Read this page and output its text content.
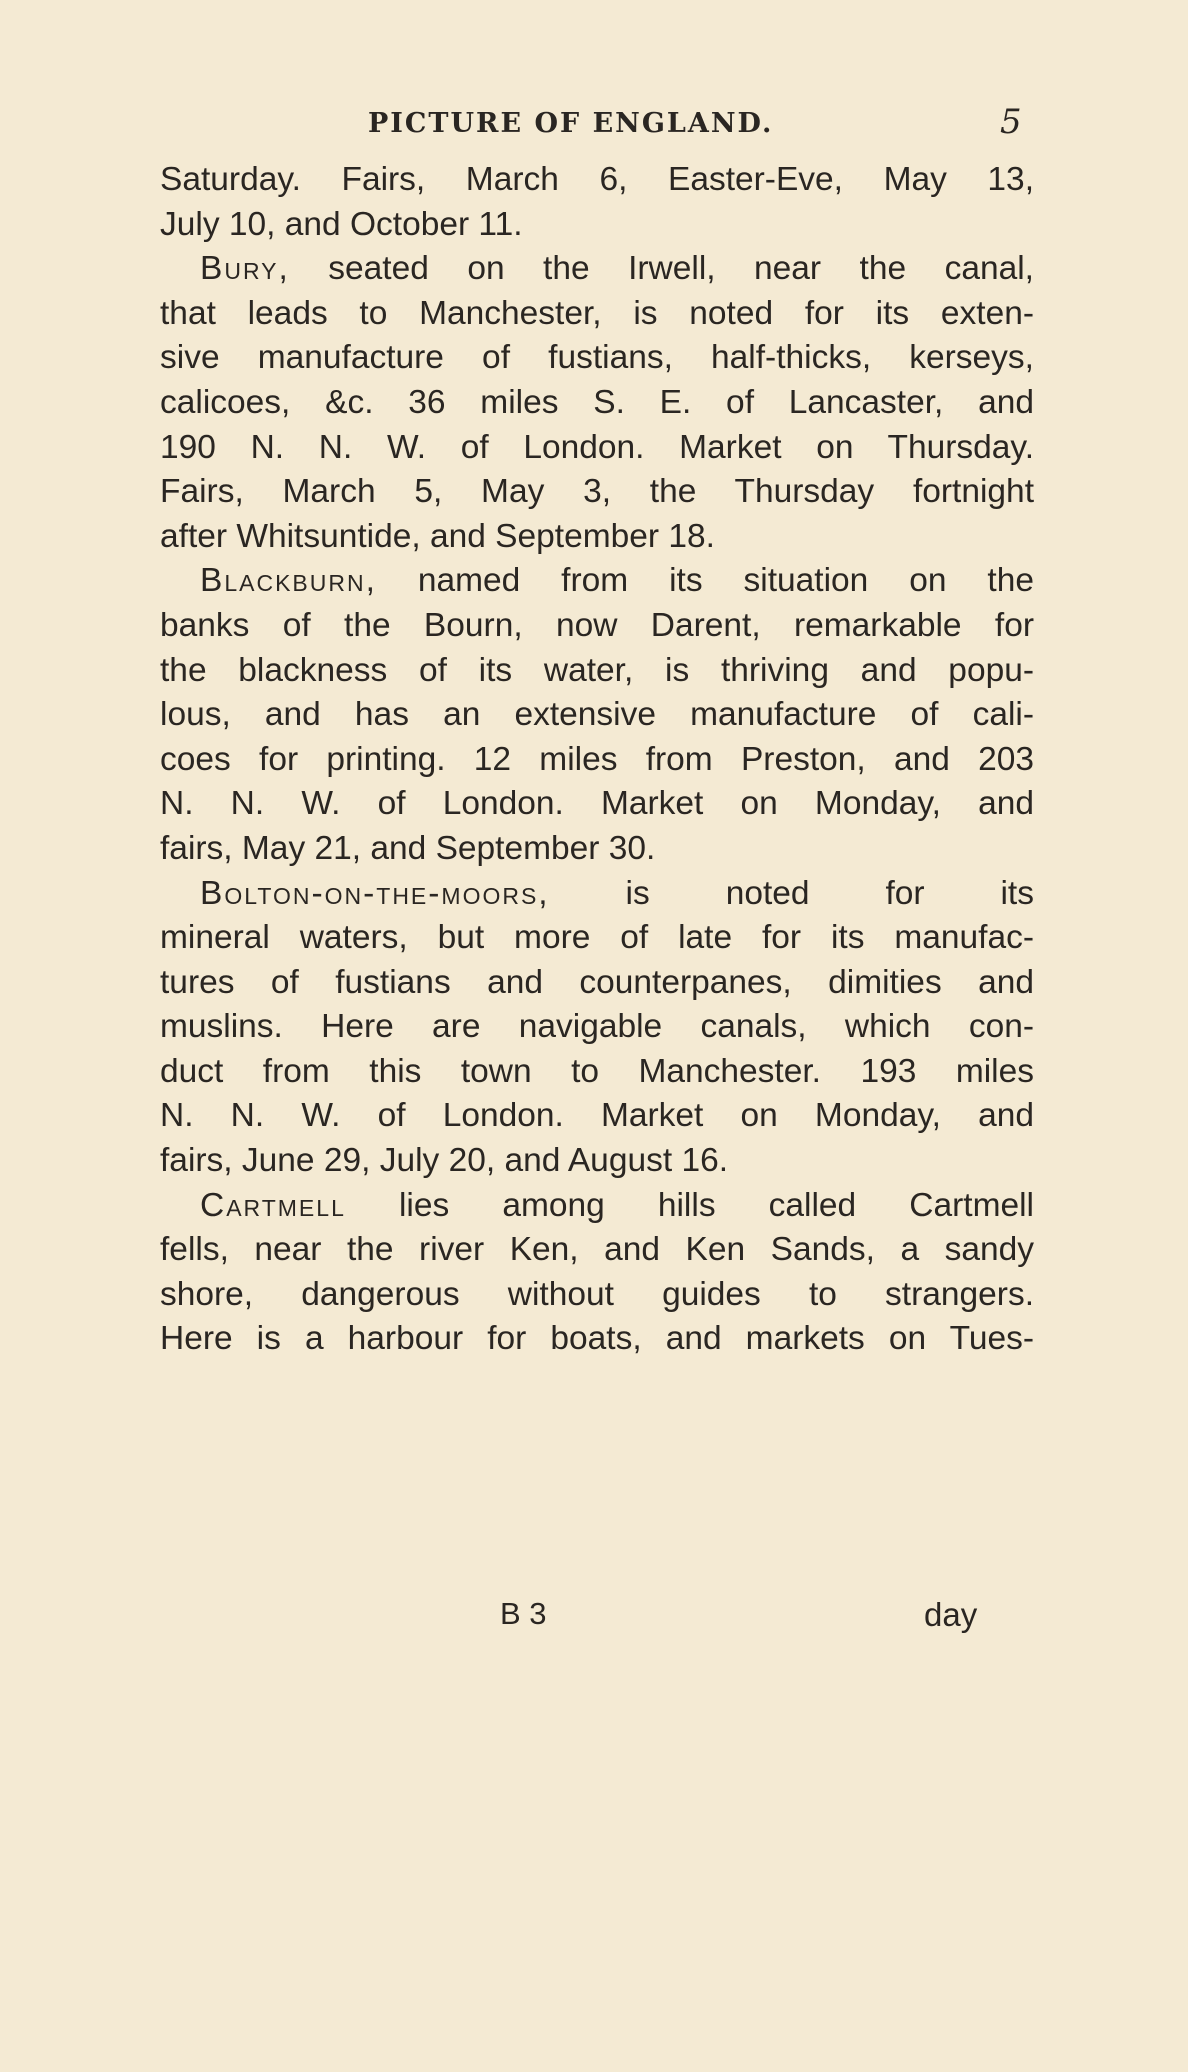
PICTURE OF ENGLAND.	5
Saturday. Fairs, March 6, Easter-Eve, May 13,
July 10, and October 11.
Bury, seated on the Irwell, near the canal,
that leads to Manchester, is noted for its exten-
sive manufacture of fustians, half-thicks, kerseys,
calicoes, &c. 36 miles S. E. of Lancaster, and
190 N. N. W. of London. Market on Thursday.
Fairs, March 5, May 3, the Thursday fortnight
after Whitsuntide, and September 18.
Blackburn, named from its situation on the
banks of the Bourn, now Darent, remarkable for
the blackness of its water, is thriving and popu-
lous, and has an extensive manufacture of cali-
coes for printing. 12 miles from Preston, and 203
N. N. W. of London. Market on Monday, and
fairs, May 21, and September 30.
Bolton-on-the-moors, is noted for its
mineral waters, but more of late for its manufac-
tures of fustians and counterpanes, dimities and
muslins. Here are navigable canals, which con-
duct from this town to Manchester. 193 miles
N. N. W. of London. Market on Monday, and
fairs, June 29, July 20, and August 16.
Cartmell lies among hills called Cartmell
fells, near the river Ken, and Ken Sands, a sandy
shore, dangerous without guides to strangers.
Here is a harbour for boats, and markets on Tues-
B 3	day
